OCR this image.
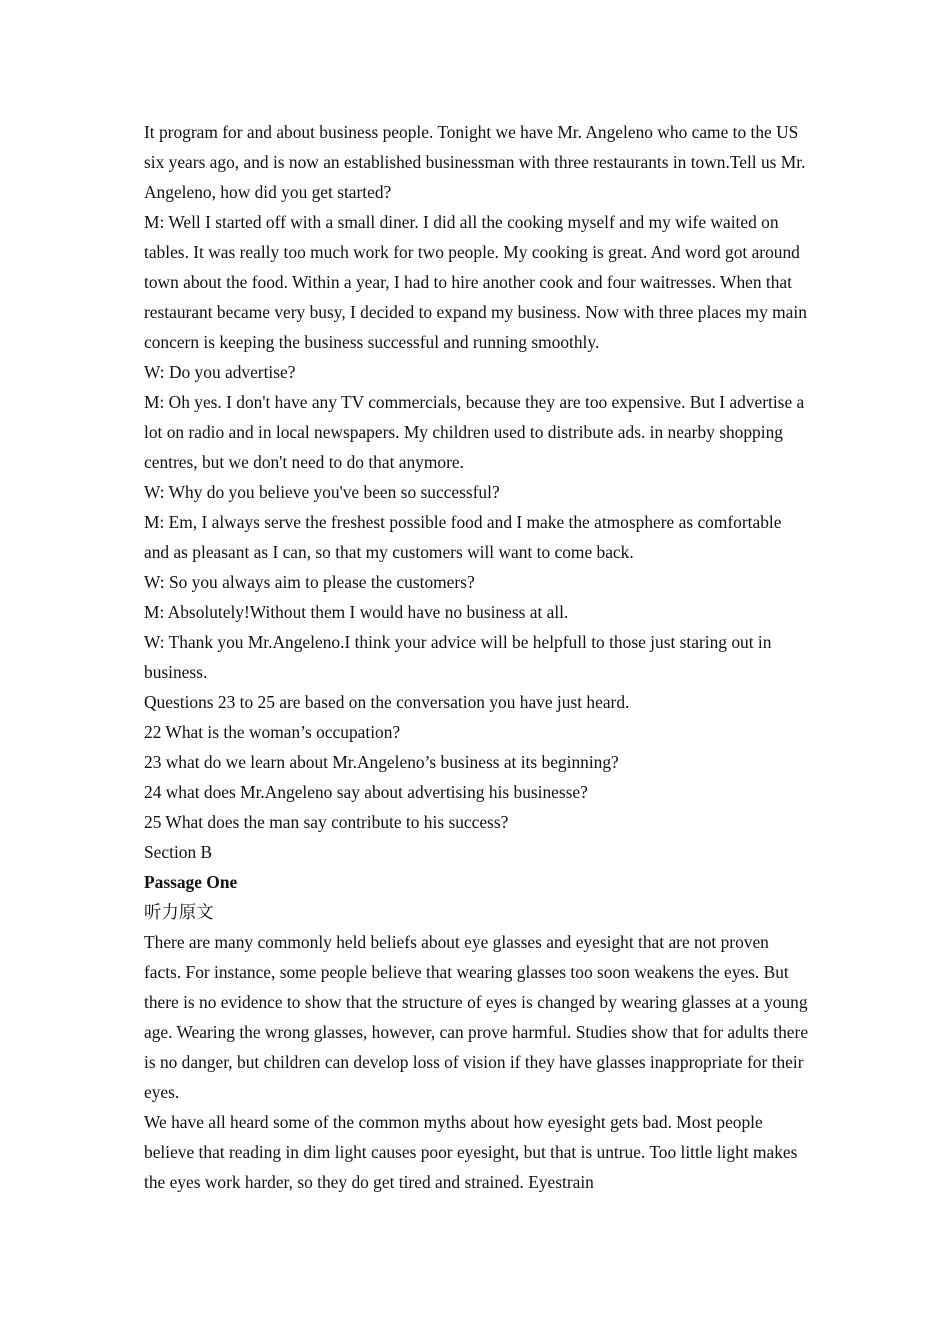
It program for and about business people. Tonight we have Mr. Angeleno who came to the US six years ago, and is now an established businessman with three restaurants in town.Tell us Mr. Angeleno, how did you get started?

M: Well I started off with a small diner. I did all the cooking myself and my wife waited on tables. It was really too much work for two people. My cooking is great. And word got around town about the food. Within a year, I had to hire another cook and four waitresses. When that restaurant became very busy, I decided to expand my business. Now with three places my main concern is keeping the business successful and running smoothly.

W: Do you advertise?

M: Oh yes. I don't have any TV commercials, because they are too expensive. But I advertise a lot on radio and in local newspapers. My children used to distribute ads. in nearby shopping centres, but we don't need to do that anymore.

W: Why do you believe you've been so successful?

M: Em, I always serve the freshest possible food and I make the atmosphere as comfortable and as pleasant as I can, so that my customers will want to come back.

W: So you always aim to please the customers?

M: Absolutely!Without them I would have no business at all.

W: Thank you Mr.Angeleno.I think your advice will be helpfull to those just staring out in business.

Questions 23 to 25 are based on the conversation you have just heard.

22 What is the woman’s occupation?

23 what do we learn about Mr.Angeleno’s business at its beginning?

24 what does Mr.Angeleno say about advertising his businesse?

25 What does the man say contribute to his success?

Section B

Passage One

听力原文

There are many commonly held beliefs about eye glasses and eyesight that are not proven facts. For instance, some people believe that wearing glasses too soon weakens the eyes. But there is no evidence to show that the structure of eyes is changed by wearing glasses at a young age. Wearing the wrong glasses, however, can prove harmful. Studies show that for adults there is no danger, but children can develop loss of vision if they have glasses inappropriate for their eyes.

We have all heard some of the common myths about how eyesight gets bad. Most people believe that reading in dim light causes poor eyesight, but that is untrue. Too little light makes the eyes work harder, so they do get tired and strained. Eyestrain
